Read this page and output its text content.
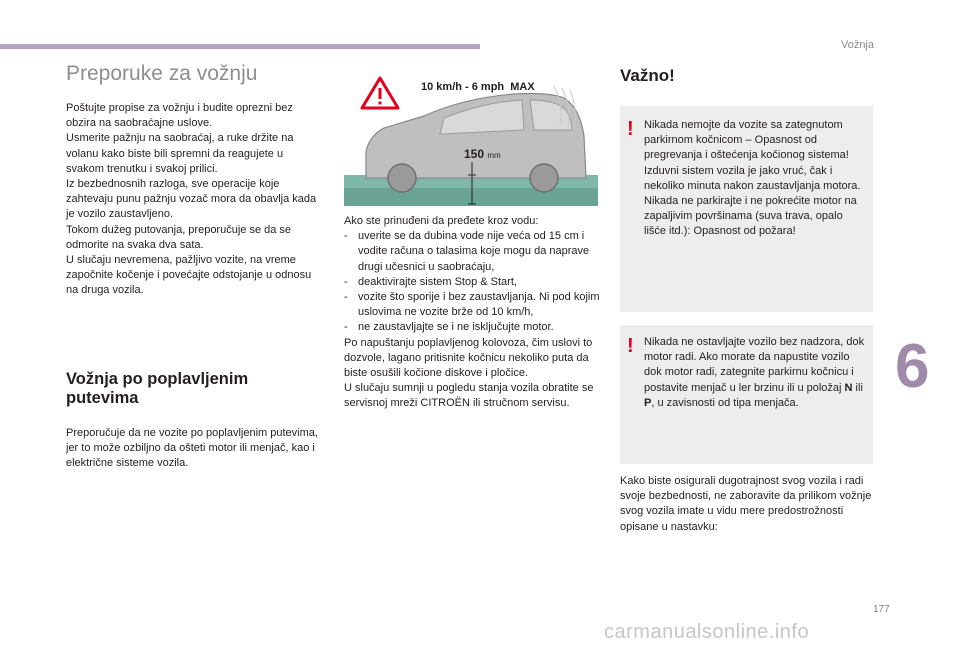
Vožnja
6
Preporuke za vožnju

Poštujte propise za vožnju i budite oprezni bez obzira na saobraćajne uslove.

Usmerite pažnju na saobraćaj, a ruke držite na volanu kako biste bili spremni da reagujete u svakom trenutku i svakoj prilici.

Iz bezbednosnih razloga, sve operacije koje zahtevaju punu pažnju vozač mora da obavlja kada je vozilo zaustavljeno.

Tokom dužeg putovanja, preporučuje se da se odmorite na svaka dva sata.

U slučaju nevremena, pažljivo vozite, na vreme započnite kočenje i povećajte odstojanje u odnosu na druga vozila.

Vožnja po poplavljenim
putevima
Preporučuje da ne vozite po poplavljenim putevima, jer to može ozbiljno da ošteti motor ili menjač, kao i električne sisteme vozila.
10 km/h - 6 mph  MAX
150 mm
Ako ste prinuđeni da pređete kroz vodu:
- uverite se da dubina vode nije veća od 15 cm i vodite računa o talasima koje mogu da naprave drugi učesnici u saobraćaju,
- deaktivirajte sistem Stop & Start,
- vozite što sporije i bez zaustavljanja. Ni pod kojim uslovima ne vozite brže od 10 km/h,
- ne zaustavljajte se i ne isključujte motor.
Po napuštanju poplavljenog kolovoza, čim uslovi to dozvole, lagano pritisnite kočnicu nekoliko puta da biste osušili kočione diskove i pločice.
U slučaju sumnji u pogledu stanja vozila obratite se servisnoj mreži CITROËN ili stručnom servisu.
Važno!
! Nikada nemojte da vozite sa zategnutom parkirnom kočnicom – Opasnost od pregrevanja i oštećenja kočionog sistema! Izduvni sistem vozila je jako vruć, čak i nekoliko minuta nakon zaustavljanja motora. Nikada ne parkirajte i ne pokrećite motor na zapaljivim površinama (suva trava, opalo lišće itd.): Opasnost od požara!
! Nikada ne ostavljajte vozilo bez nadzora, dok motor radi. Ako morate da napustite vozilo dok motor radi, zategnite parkirnu kočnicu i postavite menjač u ler brzinu ili u položaj N ili P, u zavisnosti od tipa menjača.
Kako biste osigurali dugotrajnost svog vozila i radi svoje bezbednosti, ne zaboravite da prilikom vožnje svog vozila imate u vidu mere predostrožnosti opisane u nastavku:
177
carmanualsonline.info
